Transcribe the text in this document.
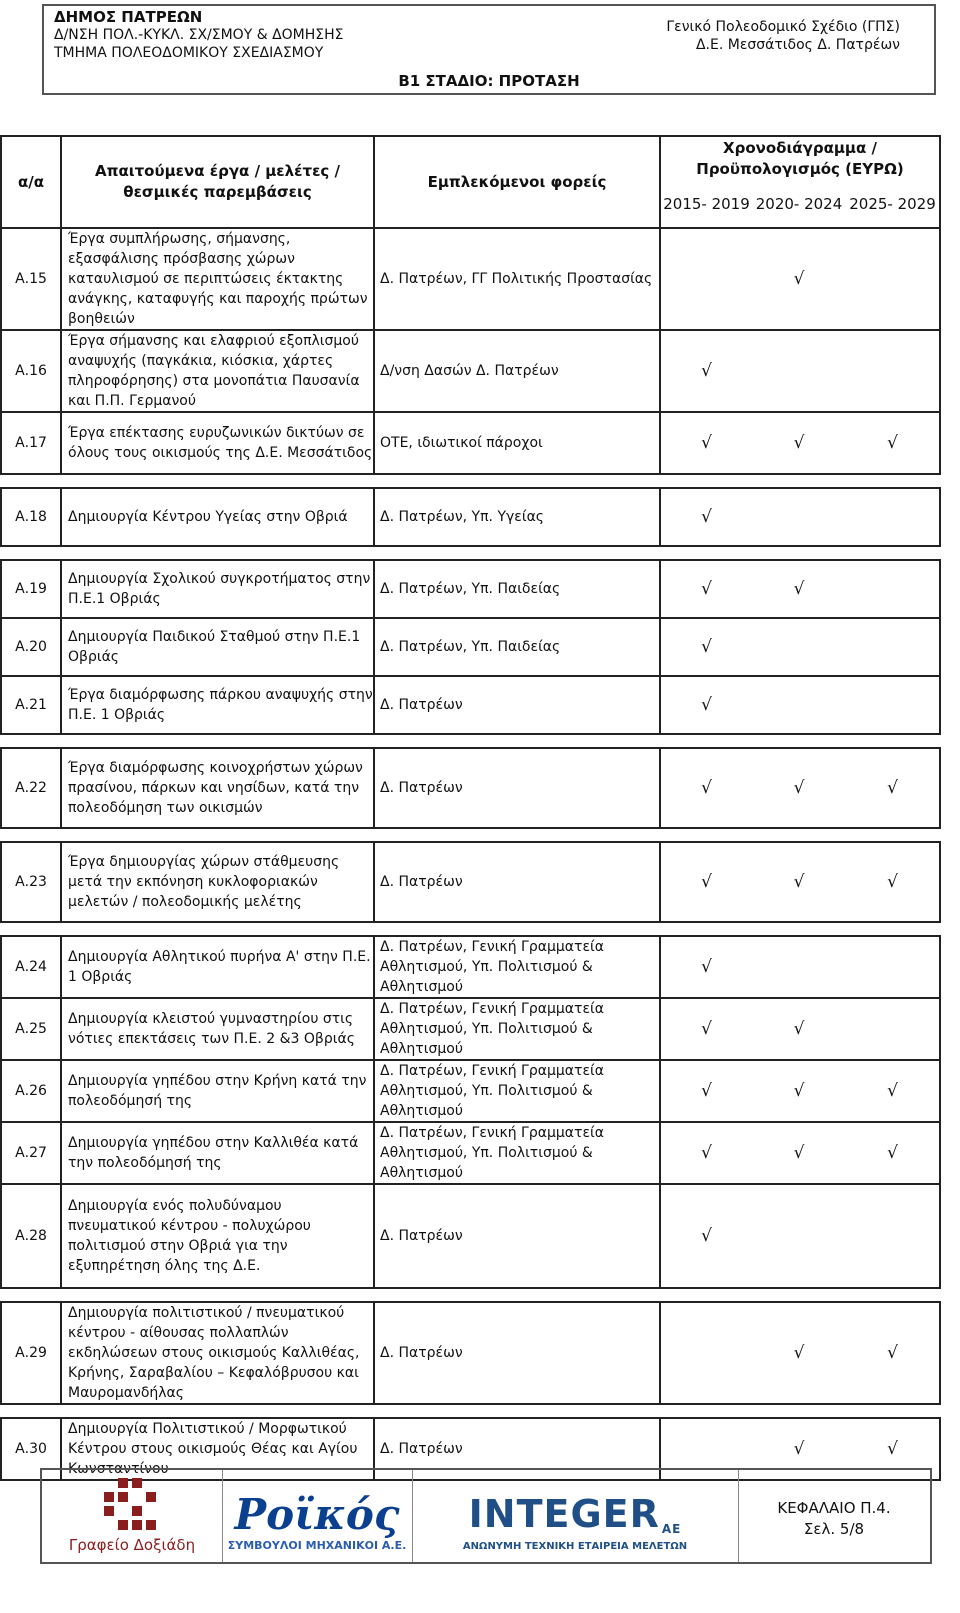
ΔΗΜΟΣ ΠΑΤΡΕΩΝ
Δ/ΝΣΗ ΠΟΛ.-ΚΥΚΛ. ΣΧ/ΣΜΟΥ & ΔΟΜΗΣΗΣ
ΤΜΗΜΑ ΠΟΛΕΟΔΟΜΙΚΟΥ ΣΧΕΔΙΑΣΜΟΥ
Γενικό Πολεοδομικό Σχέδιο (ΓΠΣ)
Δ.Ε. Μεσσάτιδος Δ. Πατρέων
Β1 ΣΤΑΔΙΟ: ΠΡΟΤΑΣΗ
α/α	Απαιτούμενα έργα / μελέτες / θεσμικές παρεμβάσεις	Εμπλεκόμενοι φορείς	Χρονοδιάγραμμα / Προϋπολογισμός (ΕΥΡΩ)		
			2015- 2019	2020- 2024	2025- 2029
Α.15	Έργα συμπλήρωσης, σήμανσης, εξασφάλισης πρόσβασης χώρων καταυλισμού σε περιπτώσεις έκτακτης ανάγκης, καταφυγής και παροχής πρώτων βοηθειών	Δ. Πατρέων, ΓΓ Πολιτικής Προστασίας		√	
Α.16	Έργα σήμανσης και ελαφριού εξοπλισμού αναψυχής (παγκάκια, κιόσκια, χάρτες πληροφόρησης) στα μονοπάτια Παυσανία και Π.Π. Γερμανού	Δ/νση Δασών Δ. Πατρέων	√		
Α.17	Έργα επέκτασης ευρυζωνικών δικτύων σε όλους τους οικισμούς της Δ.Ε. Μεσσάτιδος	ΟΤΕ, ιδιωτικοί πάροχοι	√	√	√

Α.18	Δημιουργία Κέντρου Υγείας στην Οβριά	Δ. Πατρέων, Υπ. Υγείας	√		

Α.19	Δημιουργία Σχολικού συγκροτήματος στην Π.Ε.1 Οβριάς	Δ. Πατρέων, Υπ. Παιδείας	√	√	
Α.20	Δημιουργία Παιδικού Σταθμού στην Π.Ε.1 Οβριάς	Δ. Πατρέων, Υπ. Παιδείας	√		
Α.21	Έργα διαμόρφωσης πάρκου αναψυχής στην Π.Ε. 1 Οβριάς	Δ. Πατρέων	√		

Α.22	Έργα διαμόρφωσης κοινοχρήστων χώρων πρασίνου, πάρκων και νησίδων, κατά την πολεοδόμηση των οικισμών	Δ. Πατρέων	√	√	√

Α.23	Έργα δημιουργίας χώρων στάθμευσης μετά την εκπόνηση κυκλοφοριακών μελετών / πολεοδομικής μελέτης	Δ. Πατρέων	√	√	√

Α.24	Δημιουργία Αθλητικού πυρήνα Α' στην Π.Ε. 1 Οβριάς	Δ. Πατρέων, Γενική Γραμματεία Αθλητισμού, Υπ. Πολιτισμού & Αθλητισμού	√		
Α.25	Δημιουργία κλειστού γυμναστηρίου στις νότιες επεκτάσεις των Π.Ε. 2 &3 Οβριάς	Δ. Πατρέων, Γενική Γραμματεία Αθλητισμού, Υπ. Πολιτισμού & Αθλητισμού	√	√	
Α.26	Δημιουργία γηπέδου στην Κρήνη κατά την πολεοδόμησή της	Δ. Πατρέων, Γενική Γραμματεία Αθλητισμού, Υπ. Πολιτισμού & Αθλητισμού	√	√	√
Α.27	Δημιουργία γηπέδου στην Καλλιθέα κατά την πολεοδόμησή της	Δ. Πατρέων, Γενική Γραμματεία Αθλητισμού, Υπ. Πολιτισμού & Αθλητισμού	√	√	√
Α.28	Δημιουργία ενός πολυδύναμου πνευματικού κέντρου - πολυχώρου πολιτισμού στην Οβριά για την εξυπηρέτηση όλης της Δ.Ε.	Δ. Πατρέων	√		

Α.29	Δημιουργία πολιτιστικού / πνευματικού κέντρου - αίθουσας πολλαπλών εκδηλώσεων στους οικισμούς Καλλιθέας, Κρήνης, Σαραβαλίου – Κεφαλόβρυσου και Μαυρομανδήλας	Δ. Πατρέων		√	√

Α.30	Δημιουργία Πολιτιστικού / Μορφωτικού Κέντρου στους οικισμούς Θέας και Αγίου Κωνσταντίνου	Δ. Πατρέων		√	√
Γραφείο Δοξιάδη
Ροϊκός
ΣΥΜΒΟΥΛΟΙ ΜΗΧΑΝΙΚΟΙ Α.Ε.
INTEGER ΑΕ
ΑΝΩΝΥΜΗ ΤΕΧΝΙΚΗ ΕΤΑΙΡΕΙΑ ΜΕΛΕΤΩΝ
ΚΕΦΑΛΑΙΟ Π.4.
Σελ. 5/8
